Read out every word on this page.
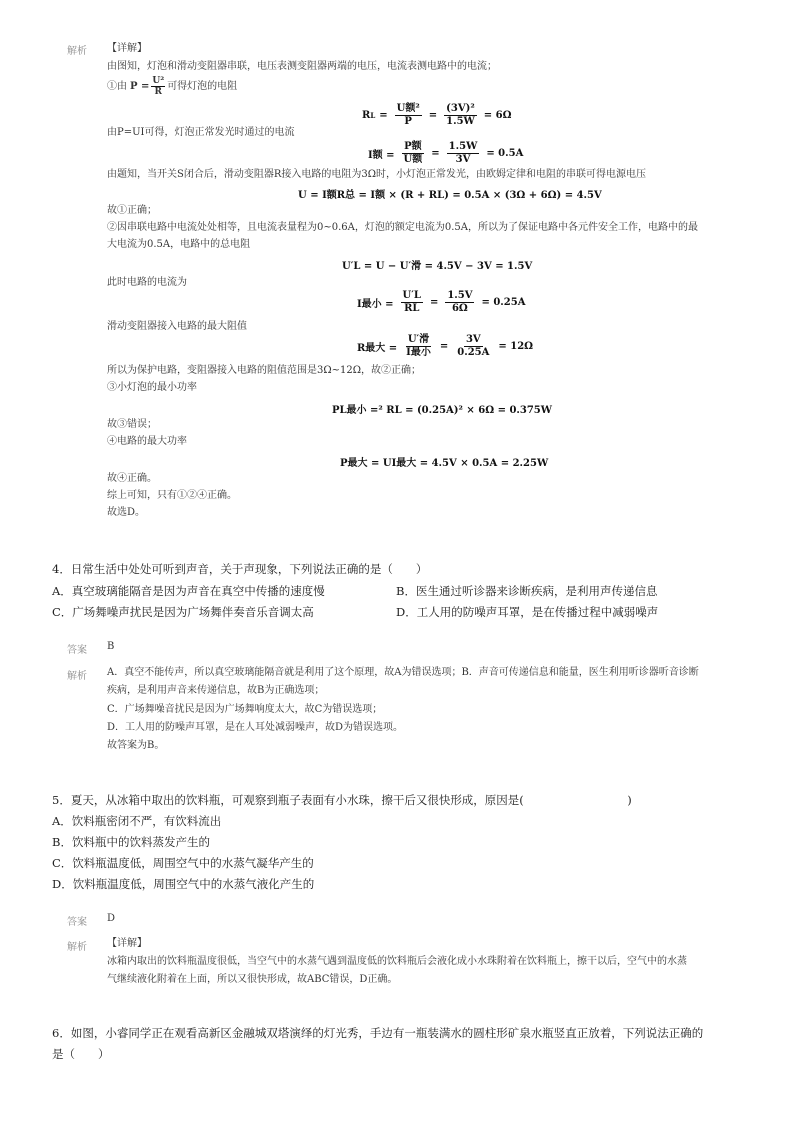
解析 【详解】
由图知，灯泡和滑动变阻器串联，电压表测变阻器两端的电压，电流表测电路中的电流；
①由 $P = \frac{\text{U²}}{R}$ 可得灯泡的电阻
R $L = \frac{\text{U额²}}{P} = \frac{\text{(3V)²}}{1.5W} = 6\Omega$
由P=UI可得，灯泡正常发光时通过的电流
I额 = $\frac{\text{P额}}{\text{U额}} = \frac{1.5W}{3V} = 0.5A$
由题知，当开关S闭合后，滑动变阻器R接入电路的电阻为3Ω时，小灯泡正常发光，由欧姆定律和电阻的串联可得电源电压
U = I额R总 = I额 × (R + RL) = 0.5A × (3Ω + 6Ω) = 4.5V
故①正确；
②因串联电路中电流处处相等，且电流表量程为0~0.6A，灯泡的额定电流为0.5A，所以为了保证电路中各元件安全工作，电路中的最
大电流为0.5A，电路中的总电阻
U′L = U − U′滑 = 4.5V − 3V = 1.5V
此时电路的电流为
I最小 = $\frac{U'L}{RL} = \frac{1.5V}{6\Omega} = 0.25A$
滑动变阻器接入电路的最大阻值
R最大 = $\frac{\text{U′滑}}{\text{I最小}} = \frac{3V}{0.25A} = 12\Omega$
所以为保护电路，变阻器接入电路的阻值范围是3Ω~12Ω，故②正确；
③小灯泡的最小功率
PL最小 =² RL = (0.25A)² × 6Ω = 0.375W
故③错误；
④电路的最大功率
P最大 = UI最大 = 4.5V × 0.5A = 2.25W
故④正确。
综上可知，只有①②④正确。
故选D。
4．日常生活中处处可听到声音，关于声现象，下列说法正确的是（　　）
A．真空玻璃能隔音是因为声音在真空中传播的速度慢	B．医生通过听诊器来诊断疾病，是利用声传递信息
C．广场舞噪声扰民是因为广场舞伴奏音乐音调太高	D．工人用的防噪声耳罩，是在传播过程中减弱噪声
答案 B
解析 A．真空不能传声，所以真空玻璃能隔音就是利用了这个原理，故A为错误选项；B．声音可传递信息和能量，医生利用听诊器听音诊断
疾病，是利用声音来传递信息，故B为正确选项；
C．广场舞噪音扰民是因为广场舞响度太大，故C为错误选项；
D．工人用的防噪声耳罩，是在人耳处减弱噪声，故D为错误选项。
故答案为B。
5．夏天，从冰箱中取出的饮料瓶，可观察到瓶子表面有小水珠，擦干后又很快形成，原因是(　　　　　　　　　)
A．饮料瓶密闭不严，有饮料流出
B．饮料瓶中的饮料蒸发产生的
C．饮料瓶温度低，周围空气中的水蒸气凝华产生的
D．饮料瓶温度低，周围空气中的水蒸气液化产生的
答案 D
解析 【详解】
冰箱内取出的饮料瓶温度很低，当空气中的水蒸气遇到温度低的饮料瓶后会液化成小水珠附着在饮料瓶上，擦干以后，空气中的水蒸
气继续液化附着在上面，所以又很快形成，故ABC错误，D正确。
6．如图，小睿同学正在观看高新区金融城双塔演绎的灯光秀，手边有一瓶装满水的圆柱形矿泉水瓶竖直正放着，下列说法正确的
是（　　）
